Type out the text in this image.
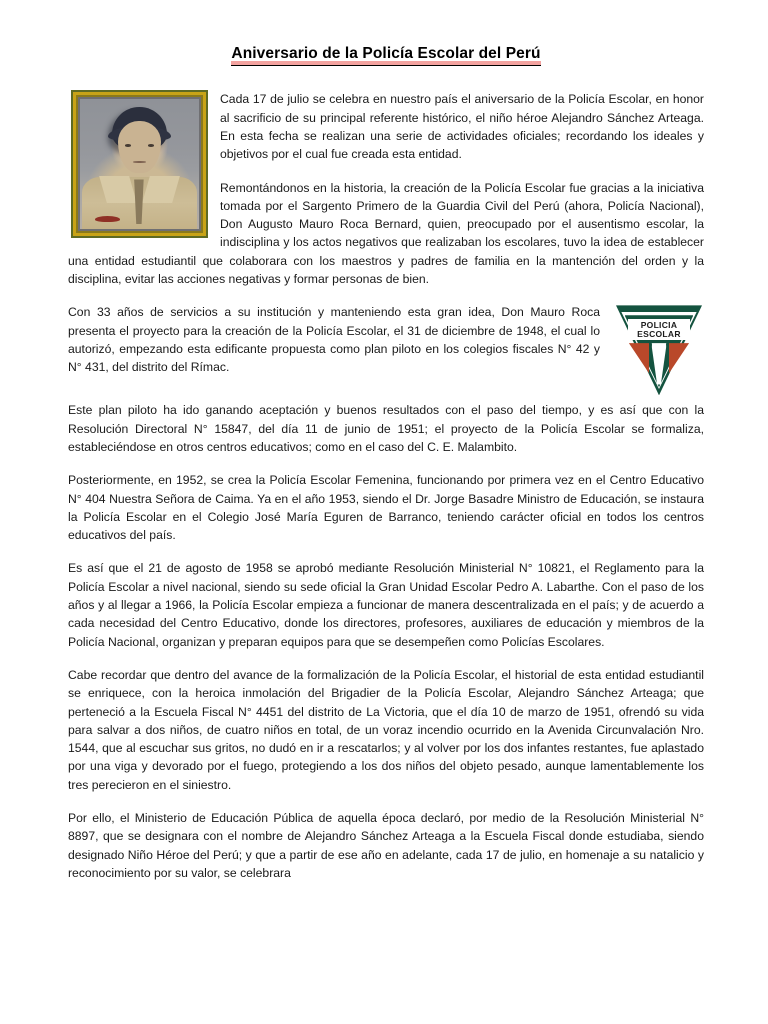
Aniversario de la Policía Escolar del Perú

Cada 17 de julio se celebra en nuestro país el aniversario de la Policía Escolar, en honor al sacrificio de su principal referente histórico, el niño héroe Alejandro Sánchez Arteaga. En esta fecha se realizan una serie de actividades oficiales; recordando los ideales y objetivos por el cual fue creada esta entidad.

Remontándonos en la historia, la creación de la Policía Escolar fue gracias a la iniciativa tomada por el Sargento Primero de la Guardia Civil del Perú (ahora, Policía Nacional), Don Augusto Mauro Roca Bernard, quien, preocupado por el ausentismo escolar, la indisciplina y los actos negativos que realizaban los escolares, tuvo la idea de establecer una entidad estudiantil que colaborara con los maestros y padres de familia en la mantención del orden y la disciplina, evitar las acciones negativas y formar personas de bien.

POLICIA
ESCOLAR

Con 33 años de servicios a su institución y manteniendo esta gran idea, Don Mauro Roca presenta el proyecto para la creación de la Policía Escolar, el 31 de diciembre de 1948, el cual lo autorizó, empezando esta edificante propuesta como plan piloto en los colegios fiscales N° 42 y N° 431, del distrito del Rímac.

Este plan piloto ha ido ganando aceptación y buenos resultados con el paso del tiempo, y es así que con la Resolución Directoral N° 15847, del día 11 de junio de 1951; el proyecto de la Policía Escolar se formaliza, estableciéndose en otros centros educativos; como en el caso del C. E. Malambito.

Posteriormente, en 1952, se crea la Policía Escolar Femenina, funcionando por primera vez en el Centro Educativo N° 404 Nuestra Señora de Caima. Ya en el año 1953, siendo el Dr. Jorge Basadre Ministro de Educación, se instaura la Policía Escolar en el Colegio José María Eguren de Barranco, teniendo carácter oficial en todos los centros educativos del país.

Es así que el 21 de agosto de 1958 se aprobó mediante Resolución Ministerial N° 10821, el Reglamento para la Policía Escolar a nivel nacional, siendo su sede oficial la Gran Unidad Escolar Pedro A. Labarthe. Con el paso de los años y al llegar a 1966, la Policía Escolar empieza a funcionar de manera descentralizada en el país; y de acuerdo a cada necesidad del Centro Educativo, donde los directores, profesores, auxiliares de educación y miembros de la Policía Nacional, organizan y preparan equipos para que se desempeñen como Policías Escolares.

Cabe recordar que dentro del avance de la formalización de la Policía Escolar, el historial de esta entidad estudiantil se enriquece, con la heroica inmolación del Brigadier de la Policía Escolar, Alejandro Sánchez Arteaga; que perteneció a la Escuela Fiscal N° 4451 del distrito de La Victoria, que el día 10 de marzo de 1951, ofrendó su vida para salvar a dos niños, de cuatro niños en total, de un voraz incendio ocurrido en la Avenida Circunvalación Nro. 1544, que al escuchar sus gritos, no dudó en ir a rescatarlos; y al volver por los dos infantes restantes, fue aplastado por una viga y devorado por el fuego, protegiendo a los dos niños del objeto pesado, aunque lamentablemente los tres perecieron en el siniestro.

Por ello, el Ministerio de Educación Pública de aquella época declaró, por medio de la Resolución Ministerial N° 8897, que se designara con el nombre de Alejandro Sánchez Arteaga a la Escuela Fiscal donde estudiaba, siendo designado Niño Héroe del Perú; y que a partir de ese año en adelante, cada 17 de julio, en homenaje a su natalicio y reconocimiento por su valor, se celebrara
